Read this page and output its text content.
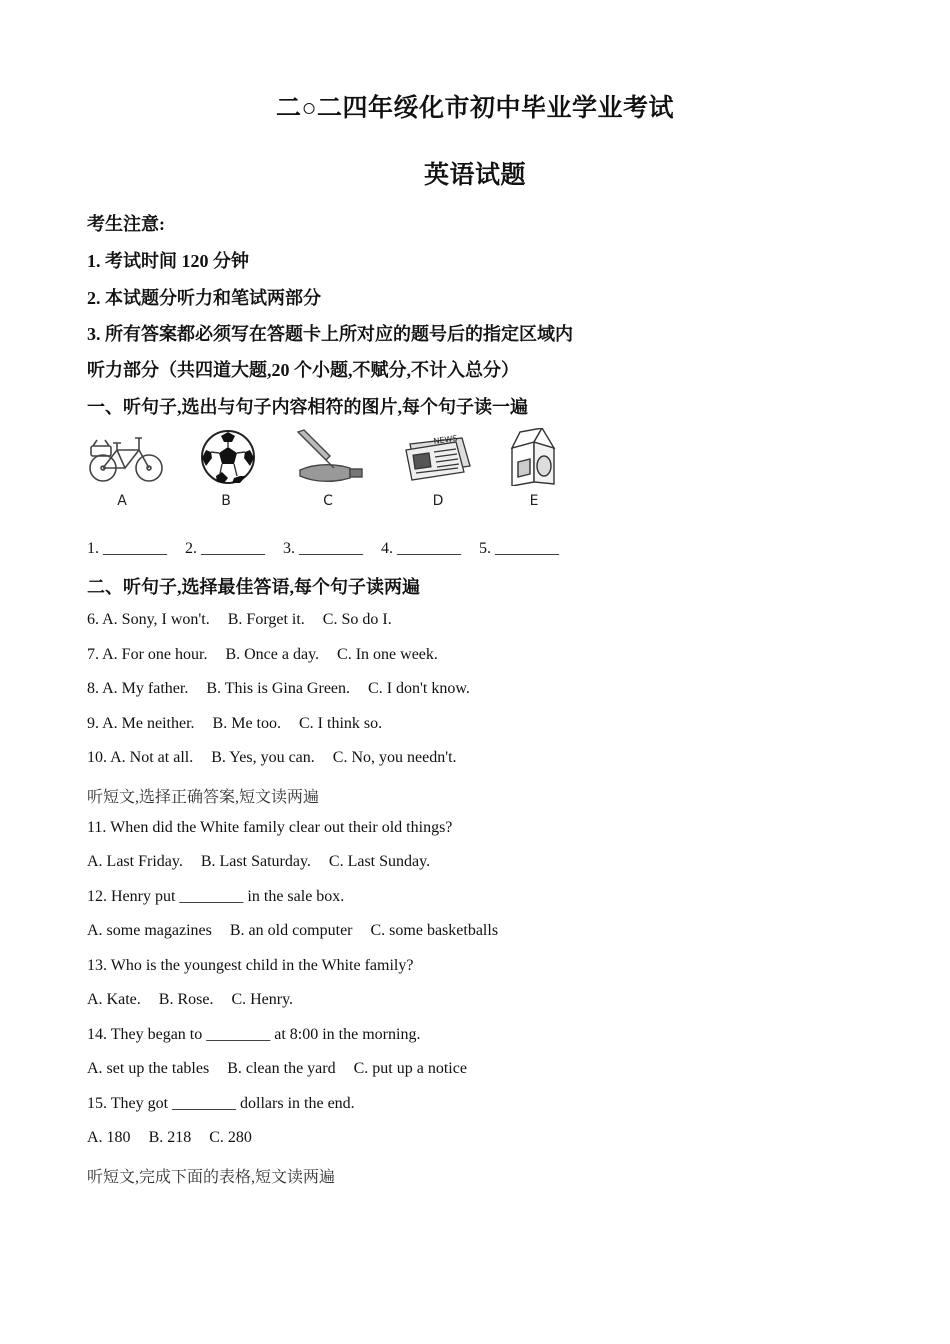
二○二四年绥化市初中毕业学业考试
英语试题
考生注意:
1. 考试时间 120 分钟
2. 本试题分听力和笔试两部分
3. 所有答案都必须写在答题卡上所对应的题号后的指定区域内
听力部分（共四道大题,20 个小题,不赋分,不计入总分）
一、听句子,选出与句子内容相符的图片,每个句子读一遍
A	B	C
NEWS
D	E
1. ________ 2. ________ 3. ________ 4. ________ 5. ________
二、听句子,选择最佳答语,每个句子读两遍
6. A. Sony, I won't. B. Forget it. C. So do I.
7. A. For one hour. B. Once a day. C. In one week.
8. A. My father. B. This is Gina Green. C. I don't know.
9. A. Me neither. B. Me too. C. I think so.
10. A. Not at all. B. Yes, you can. C. No, you needn't.
听短文,选择正确答案,短文读两遍
11. When did the White family clear out their old things?
A. Last Friday. B. Last Saturday. C. Last Sunday.
12. Henry put ________ in the sale box.
A. some magazines B. an old computer C. some basketballs
13. Who is the youngest child in the White family?
A. Kate. B. Rose. C. Henry.
14. They began to ________ at 8:00 in the morning.
A. set up the tables B. clean the yard C. put up a notice
15. They got ________ dollars in the end.
A. 180 B. 218 C. 280
听短文,完成下面的表格,短文读两遍
